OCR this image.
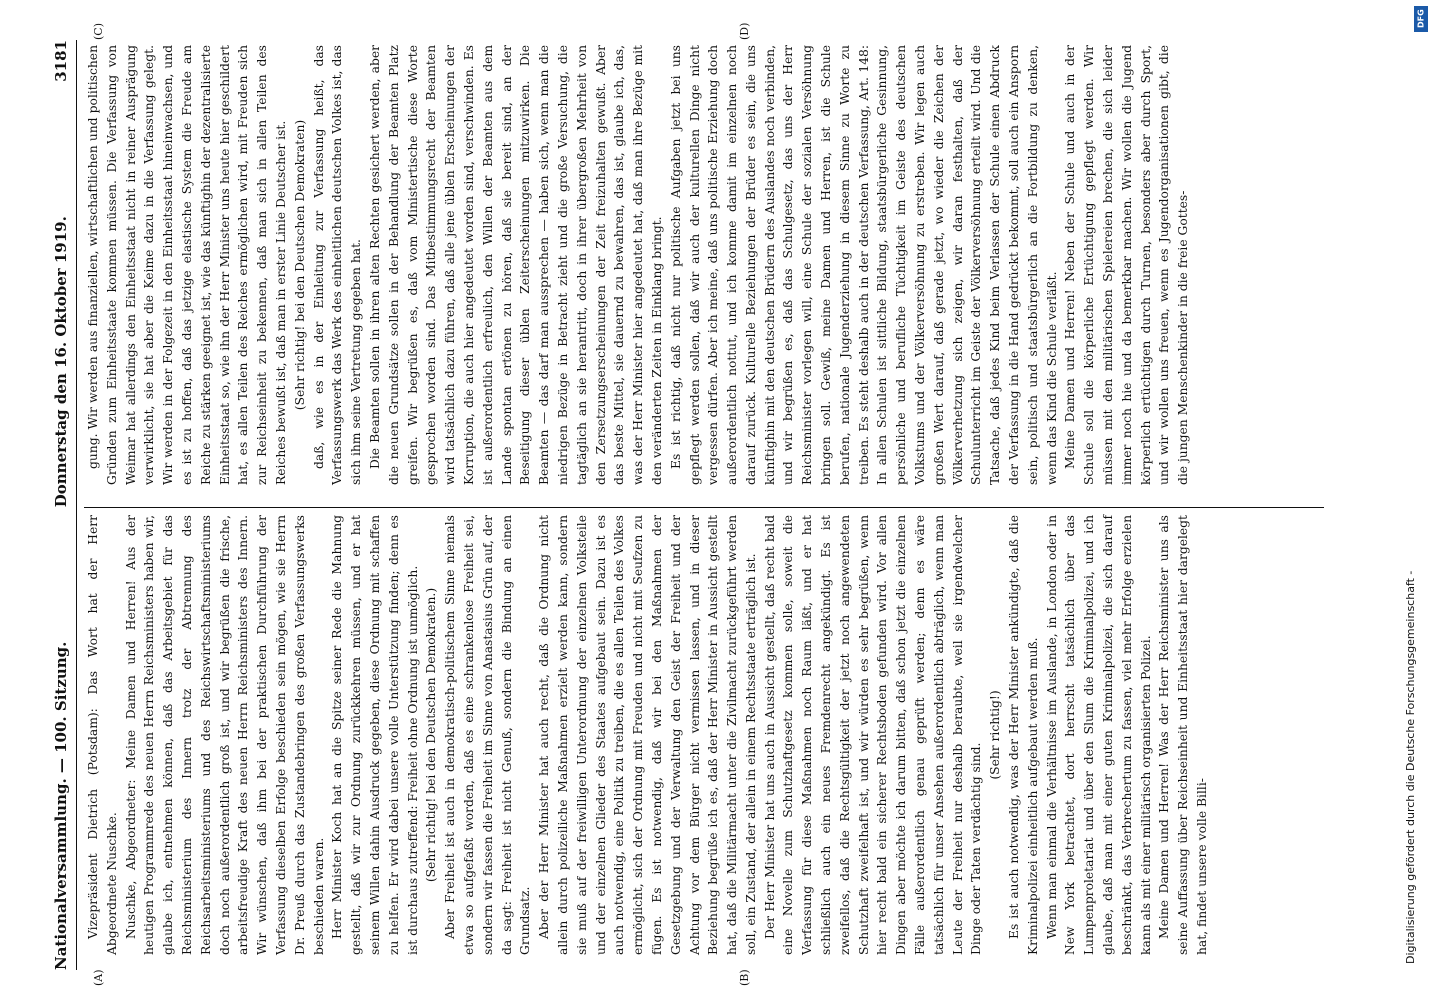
Nationalversammlung. — 100. Sitzung.
Donnerstag den 16. Oktober 1919.
3181
(A)	(B)
(C)	(D)

Vizepräsident Dietrich (Potsdam): Das Wort hat der Herr Abgeordnete Nuschke. Nuschke, Abgeordneter: Meine Damen und Herren! Aus der heutigen Programmrede des neuen Herrn Reichsministers haben wir, glaube ich, entnehmen können, daß das Arbeitsgebiet für das Reichsministerium des Innern trotz der Abtrennung des Reichsarbeitsministeriums und des Reichswirtschaftsministeriums doch noch außerordentlich groß ist, und wir begrüßen die frische, arbeitsfreudige Kraft des neuen Herrn Reichsministers des Innern. Wir wünschen, daß ihm bei der praktischen Durchführung der Verfassung dieselben Erfolge beschieden sein mögen, wie sie Herrn Dr. Preuß durch das Zustandebringen des großen Verfassungswerks beschieden waren. Herr Minister Koch hat an die Spitze seiner Rede die Mahnung gestellt, daß wir zur Ordnung zurückkehren müssen, und er hat seinem Willen dahin Ausdruck gegeben, diese Ordnung mit schaffen zu helfen. Er wird dabei unsere volle Unterstützung finden; denn es ist durchaus zutreffend: Freiheit ohne Ordnung ist unmöglich. (Sehr richtig! bei den Deutschen Demokraten.) Aber Freiheit ist auch in demokratisch-politischem Sinne niemals etwa so aufgefaßt worden, daß es eine schrankenlose Freiheit sei, sondern wir fassen die Freiheit im Sinne von Anastasius Grün auf, der da sagt: Freiheit ist nicht Genuß, sondern die Bindung an einen Grundsatz. Aber der Herr Minister hat auch recht, daß die Ordnung nicht allein durch polizeiliche Maßnahmen erzielt werden kann, sondern sie muß auf der freiwilligen Unterordnung der einzelnen Volksteile und der einzelnen Glieder des Staates aufgebaut sein. Dazu ist es auch notwendig, eine Politik zu treiben, die es allen Teilen des Volkes ermöglicht, sich der Ordnung mit Freuden und nicht mit Seufzen zu fügen. Es ist notwendig, daß wir bei den Maßnahmen der Gesetzgebung und der Verwaltung den Geist der Freiheit und der Achtung vor dem Bürger nicht vermissen lassen, und in dieser Beziehung begrüße ich es, daß der Herr Minister in Aussicht gestellt hat, daß die Militärmacht unter die Zivilmacht zurückgeführt werden soll, ein Zustand, der allein in einem Rechtsstaate erträglich ist. Der Herr Minister hat uns auch in Aussicht gestellt, daß recht bald eine Novelle zum Schutzhaftgesetz kommen solle, soweit die Verfassung für diese Maßnahmen noch Raum läßt, und er hat schließlich auch ein neues Fremdenrecht angekündigt. Es ist zweifellos, daß die Rechtsgültigkeit der jetzt noch angewendeten Schutzhaft zweifelhaft ist, und wir würden es sehr begrüßen, wenn hier recht bald ein sicherer Rechtsboden gefunden wird. Vor allen Dingen aber möchte ich darum bitten, daß schon jetzt die einzelnen Fälle außerordentlich genau geprüft werden; denn es wäre tatsächlich für unser Ansehen außerordentlich abträglich, wenn man Leute der Freiheit nur deshalb beraubte, weil sie irgendwelcher Dinge oder Taten verdächtig sind.

(Sehr richtig!) Es ist auch notwendig, was der Herr Minister ankündigte, daß die Kriminalpolizei einheitlich aufgebaut werden muß. Wenn man einmal die Verhältnisse im Auslande, in London oder in New York betrachtet, dort herrscht tatsächlich über das Lumpenproletariat und über den Slum die Kriminalpolizei, und ich glaube, daß man mit einer guten Kriminalpolizei, die sich darauf beschränkt, das Verbrechertum zu fassen, viel mehr Erfolge erzielen kann als mit einer militärisch organisierten Polizei. Meine Damen und Herren! Was der Herr Reichsminister uns als seine Auffassung über Reichseinheit und Einheitsstaat hier dargelegt hat, findet unsere volle Billi-

gung. Wir werden aus finanziellen, wirtschaftlichen und politischen Gründen zum Einheitsstaate kommen müssen. Die Verfassung von Weimar hat allerdings den Einheitsstaat nicht in reiner Ausprägung verwirklicht, sie hat aber die Keime dazu in die Verfassung gelegt. Wir werden in der Folgezeit in den Einheitsstaat hineinwachsen, und es ist zu hoffen, daß das jetzige elastische System die Freude am Reiche zu stärken geeignet ist, wie das künftighin der dezentralisierte Einheitsstaat so, wie ihn der Herr Minister uns heute hier geschildert hat, es allen Teilen des Reiches ermöglichen wird, mit Freuden sich zur Reichseinheit zu bekennen, daß man sich in allen Teilen des Reiches bewußt ist, daß man in erster Linie Deutscher ist. (Sehr richtig! bei den Deutschen Demokraten) daß, wie es in der Einleitung zur Verfassung heißt, das Verfassungswerk das Werk des einheitlichen deutschen Volkes ist, das sich ihm seine Vertretung gegeben hat. Die Beamten sollen in ihren alten Rechten gesichert werden, aber die neuen Grundsätze sollen in der Behandlung der Beamten Platz greifen. Wir begrüßen es, daß vom Ministertische diese Worte gesprochen worden sind. Das Mitbestimmungsrecht der Beamten wird tatsächlich dazu führen, daß alle jene üblen Erscheinungen der Korruption, die auch hier angedeutet worden sind, verschwinden. Es ist außerordentlich erfreulich, den Willen der Beamten aus dem Lande spontan ertönen zu hören, daß sie bereit sind, an der Beseitigung dieser üblen Zeiterscheinungen mitzuwirken. Die Beamten — das darf man aussprechen — haben sich, wenn man die niedrigen Bezüge in Betracht zieht und die große Versuchung, die tagtäglich an sie herantritt, doch in ihrer übergroßen Mehrheit von den Zersetzungserscheinungen der Zeit freizuhalten gewußt. Aber das beste Mittel, sie dauernd zu bewahren, das ist, glaube ich, das, was der Herr Minister hier angedeutet hat, daß man ihre Bezüge mit den veränderten Zeiten in Einklang bringt. Es ist richtig, daß nicht nur politische Aufgaben jetzt bei uns gepflegt werden sollen, daß wir auch der kulturellen Dinge nicht vergessen dürfen. Aber ich meine, daß uns politische Erziehung doch außerordentlich nottut, und ich komme damit im einzelnen noch darauf zurück. Kulturelle Beziehungen der Brüder es sein, die uns künftighin mit den deutschen Brüdern des Auslandes noch verbinden, und wir begrüßen es, daß das Schulgesetz, das uns der Herr Reichsminister vorlegen will, eine Schule der sozialen Versöhnung bringen soll. Gewiß, meine Damen und Herren, ist die Schule berufen, nationale Jugenderziehung in diesem Sinne zu Worte zu treiben. Es steht deshalb auch in der deutschen Verfassung, Art. 148: In allen Schulen ist sittliche Bildung, staatsbürgerliche Gesinnung, persönliche und berufliche Tüchtigkeit im Geiste des deutschen Volkstums und der Völkerversöhnung zu erstreben. Wir legen auch großen Wert darauf, daß gerade jetzt, wo wieder die Zeichen der Völkerverhetzung sich zeigen, wir daran festhalten, daß der Schulunterricht im Geiste der Völkerversöhnung erteilt wird. Und die Tatsache, daß jedes Kind beim Verlassen der Schule einen Abdruck der Verfassung in die Hand gedrückt bekommt, soll auch ein Ansporn sein, politisch und staatsbürgerlich an die Fortbildung zu denken, wenn das Kind die Schule verläßt. Meine Damen und Herren! Neben der Schule und auch in der Schule soll die körperliche Ertüchtigung gepflegt werden. Wir müssen mit den militärischen Spielereien brechen, die sich leider immer noch hie und da bemerkbar machen. Wir wollen die Jugend körperlich ertüchtigen durch Turnen, besonders aber durch Sport, und wir wollen uns freuen, wenn es Jugendorganisationen gibt, die die jungen Menschenkinder in die freie Gottes-

DFG
Digitalisierung gefördert durch die Deutsche Forschungsgemeinschaft -
